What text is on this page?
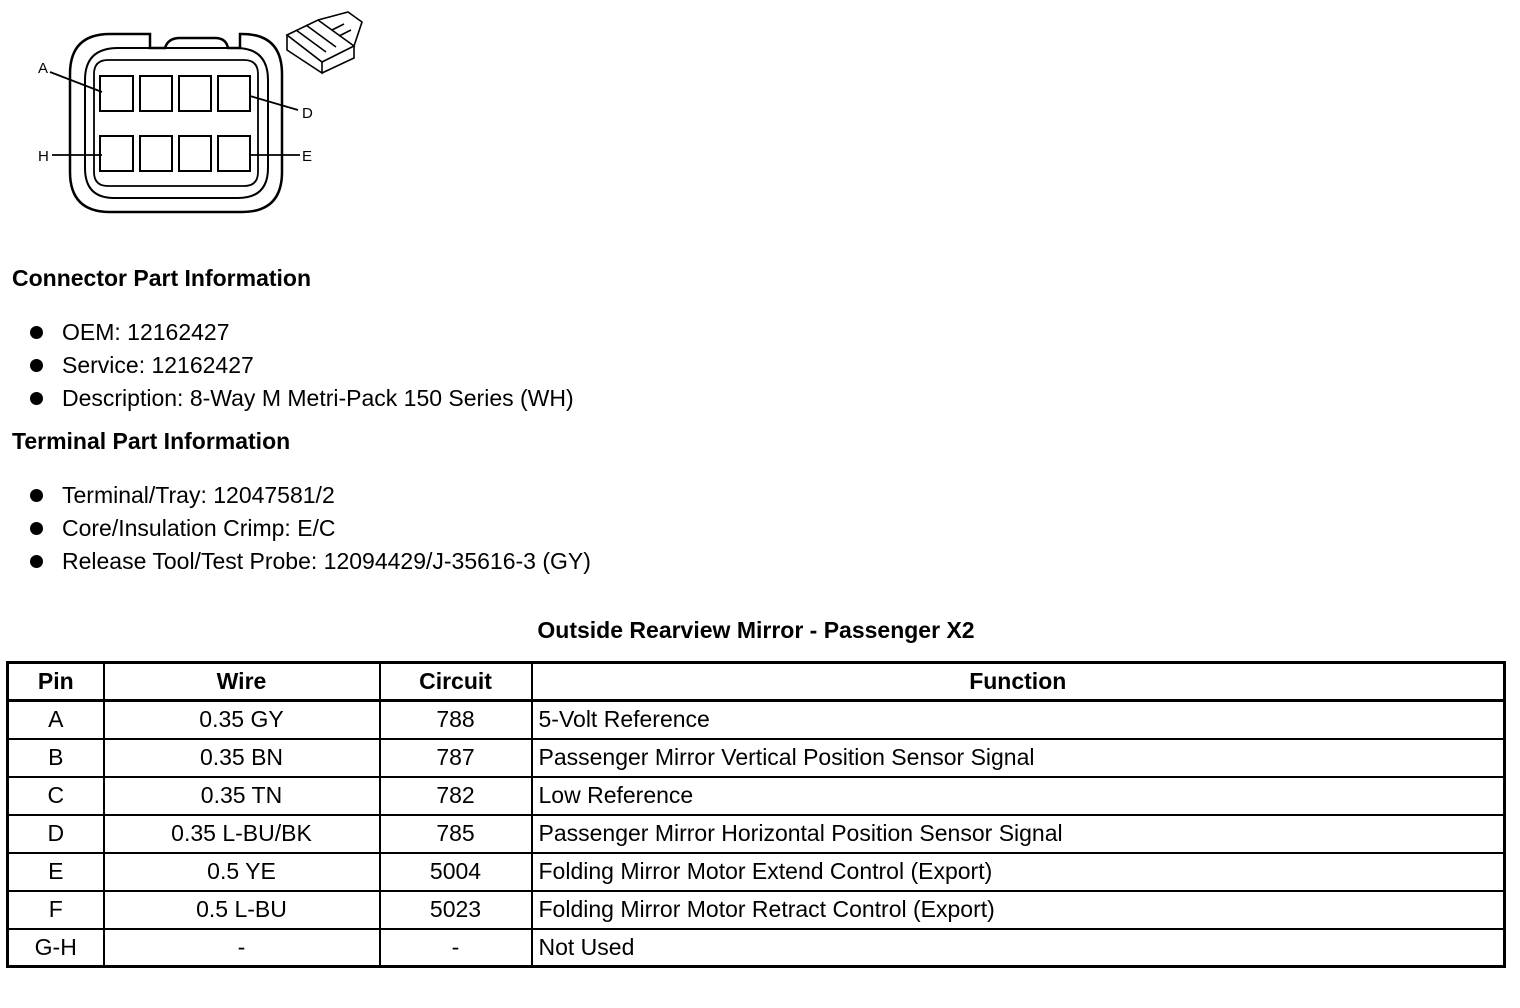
A
D
H	E
Connector Part Information
OEM: 12162427
Service: 12162427
Description: 8-Way M Metri-Pack 150 Series (WH)
Terminal Part Information
Terminal/Tray: 12047581/2
Core/Insulation Crimp: E/C
Release Tool/Test Probe: 12094429/J-35616-3 (GY)
Outside Rearview Mirror - Passenger X2
Pin	Wire	Circuit	Function
A	0.35 GY	788	5-Volt Reference
B	0.35 BN	787	Passenger Mirror Vertical Position Sensor Signal
C	0.35 TN	782	Low Reference
D	0.35 L-BU/BK	785	Passenger Mirror Horizontal Position Sensor Signal
E	0.5 YE	5004	Folding Mirror Motor Extend Control (Export)
F	0.5 L-BU	5023	Folding Mirror Motor Retract Control (Export)
G-H	-	-	Not Used
